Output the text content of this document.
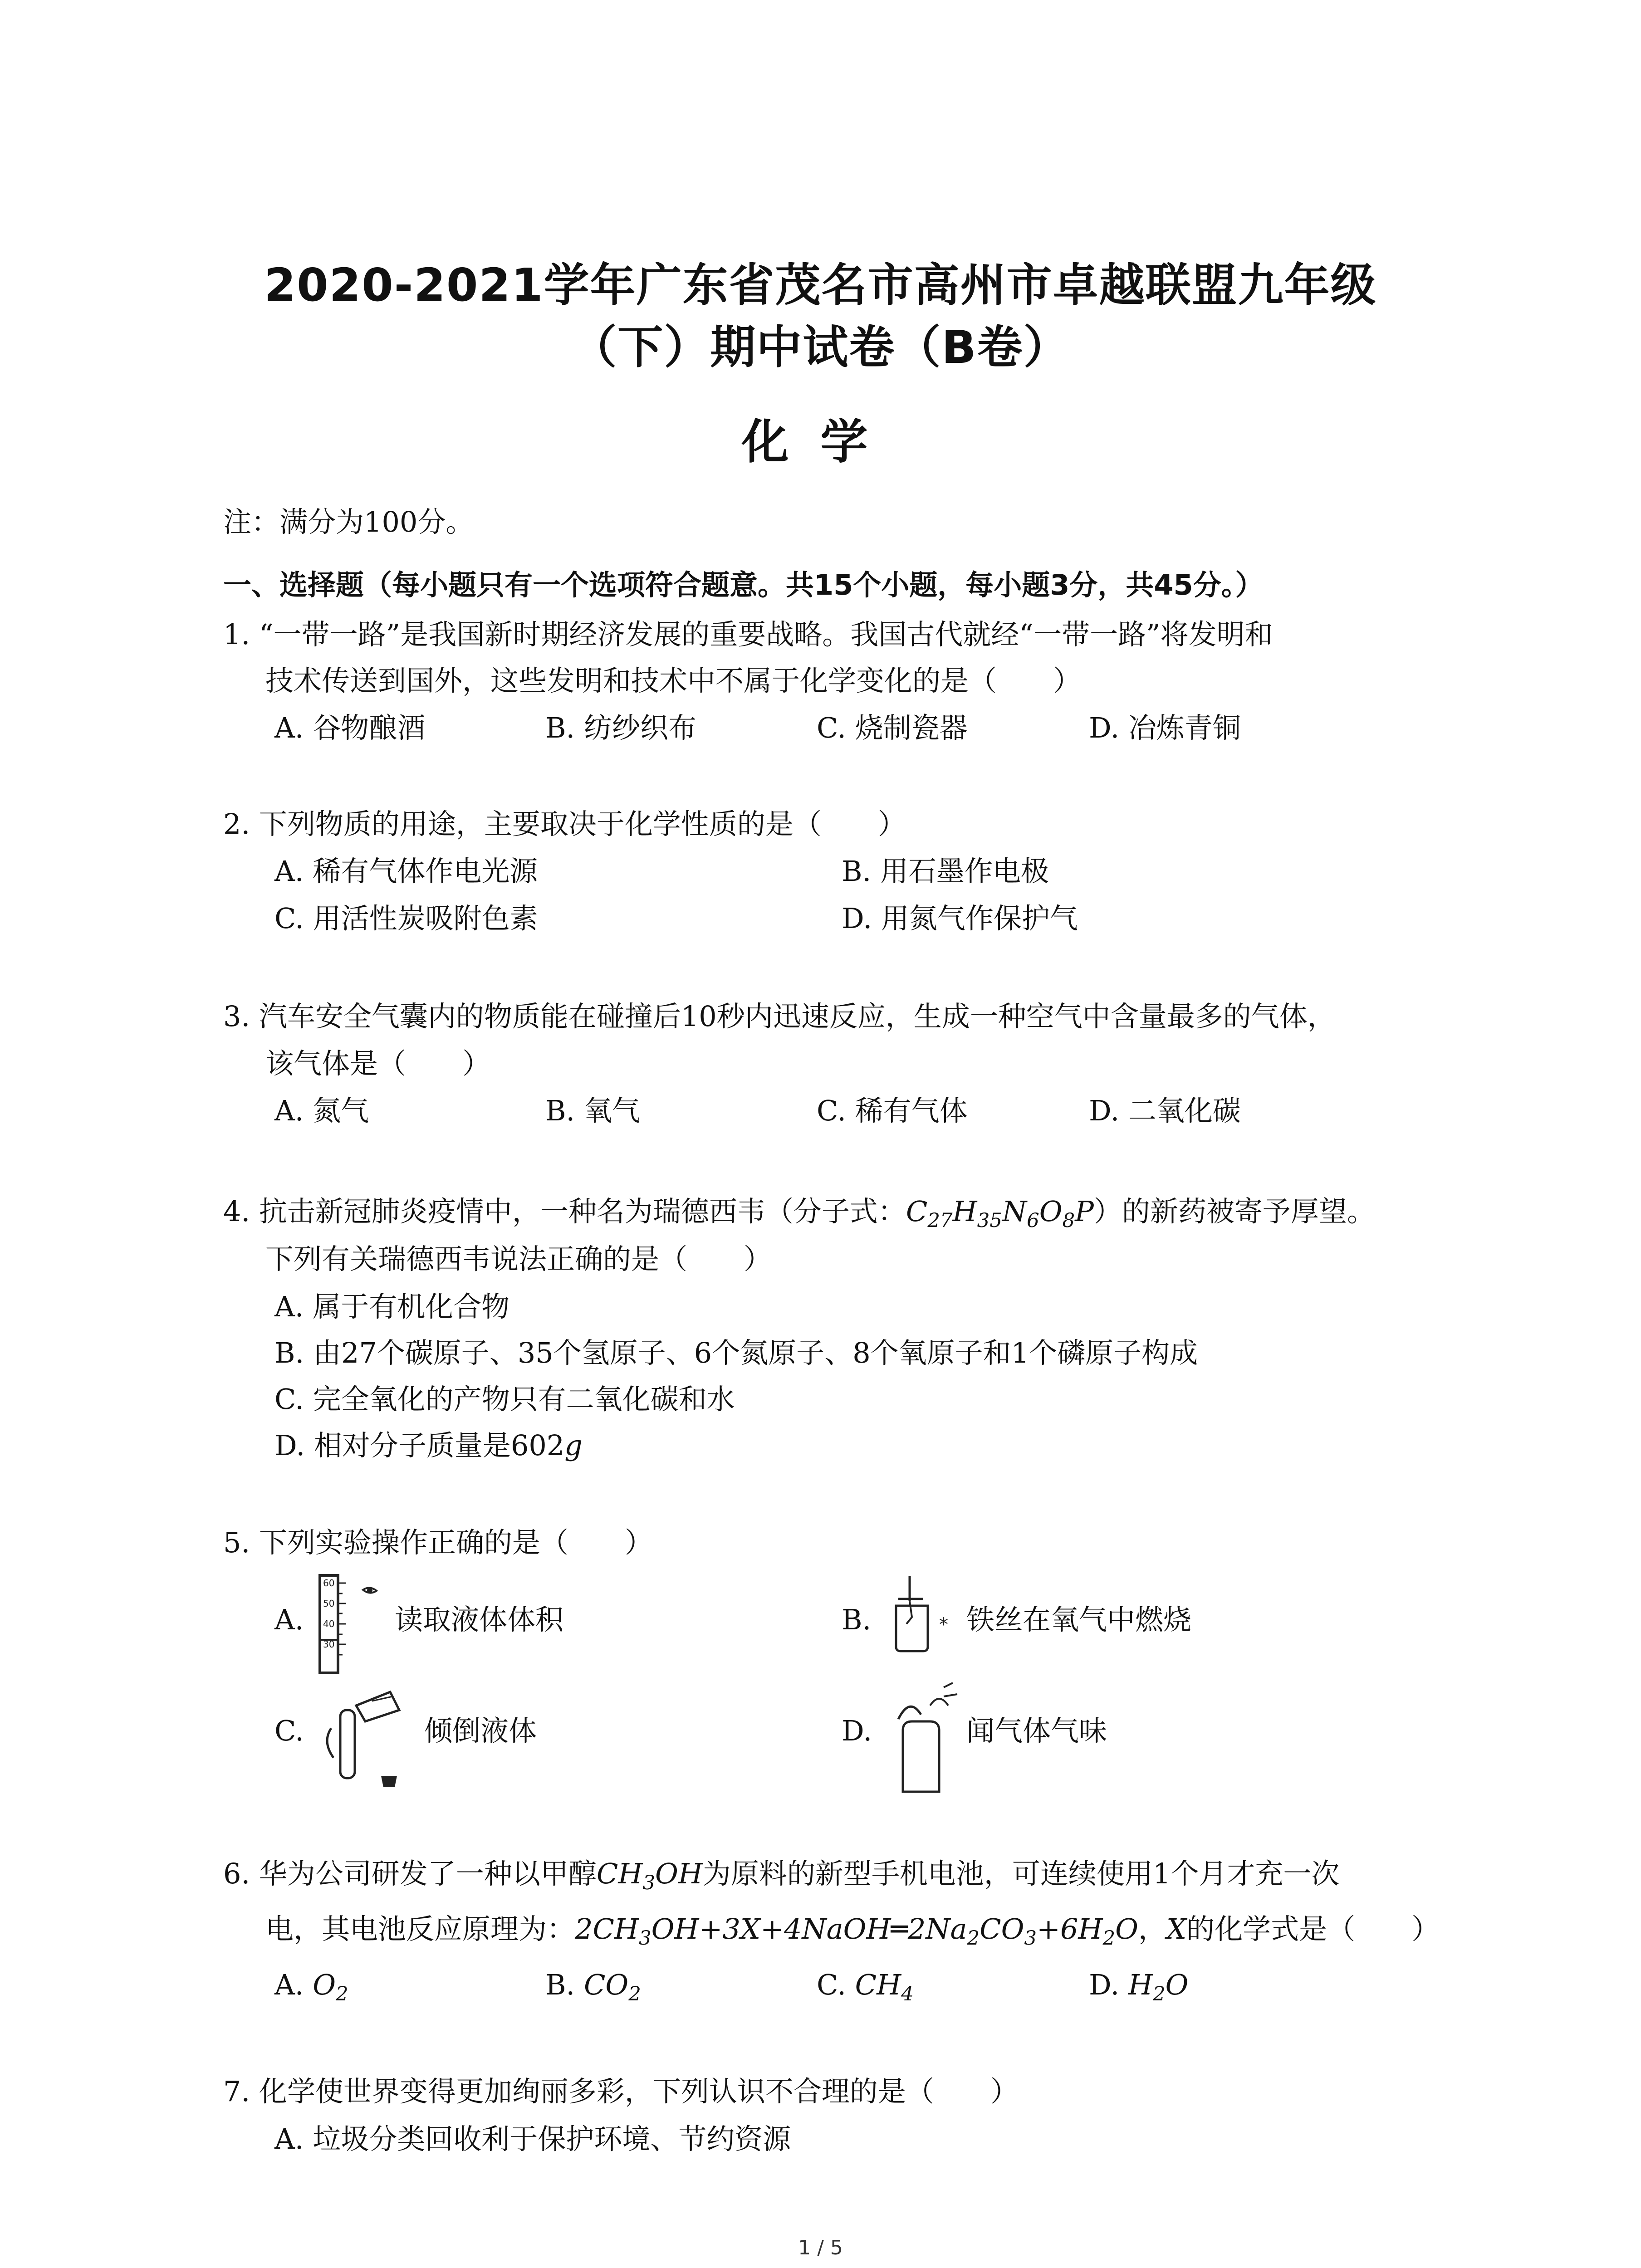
2020-2021学年广东省茂名市高州市卓越联盟九年级
（下）期中试卷（B卷）
化学
注：满分为100分。
一、选择题（每小题只有一个选项符合题意。共15个小题，每小题3分，共45分。）
1. “一带一路”是我国新时期经济发展的重要战略。我国古代就经“一带一路”将发明和
技术传送到国外，这些发明和技术中不属于化学变化的是（　　）
A. 谷物酿酒	B. 纺纱织布	C. 烧制瓷器	D. 冶炼青铜
2. 下列物质的用途，主要取决于化学性质的是（　　）
A. 稀有气体作电光源	B. 用石墨作电极
C. 用活性炭吸附色素	D. 用氮气作保护气
3. 汽车安全气囊内的物质能在碰撞后10秒内迅速反应，生成一种空气中含量最多的气体，
该气体是（　　）
A. 氮气	B. 氧气	C. 稀有气体	D. 二氧化碳
4. 抗击新冠肺炎疫情中，一种名为瑞德西韦（分子式：$C_{27}H_{35}N_6O_8P$）的新药被寄予厚望。
下列有关瑞德西韦说法正确的是（　　）
A. 属于有机化合物
B. 由27个碳原子、35个氢原子、6个氮原子、8个氧原子和1个磷原子构成
C. 完全氧化的产物只有二氧化碳和水
D. 相对分子质量是602g
5. 下列实验操作正确的是（　　）
A.
60
50
40
30
读取液体体积	B.	* 铁丝在氧气中燃烧
C.	倾倒液体	D.	闻气体气味
6. 华为公司研发了一种以甲醇$CH_3OH$为原料的新型手机电池，可连续使用1个月才充一次
电，其电池反应原理为：$2CH_3OH+3X+4NaOH═2Na_2CO_3+6H_2O$，X的化学式是（　　）
A. $O_2$	B. $CO_2$	C. $CH_4$	D. $H_2O$
7. 化学使世界变得更加绚丽多彩，下列认识不合理的是（　　）
A. 垃圾分类回收利于保护环境、节约资源
1 / 5
